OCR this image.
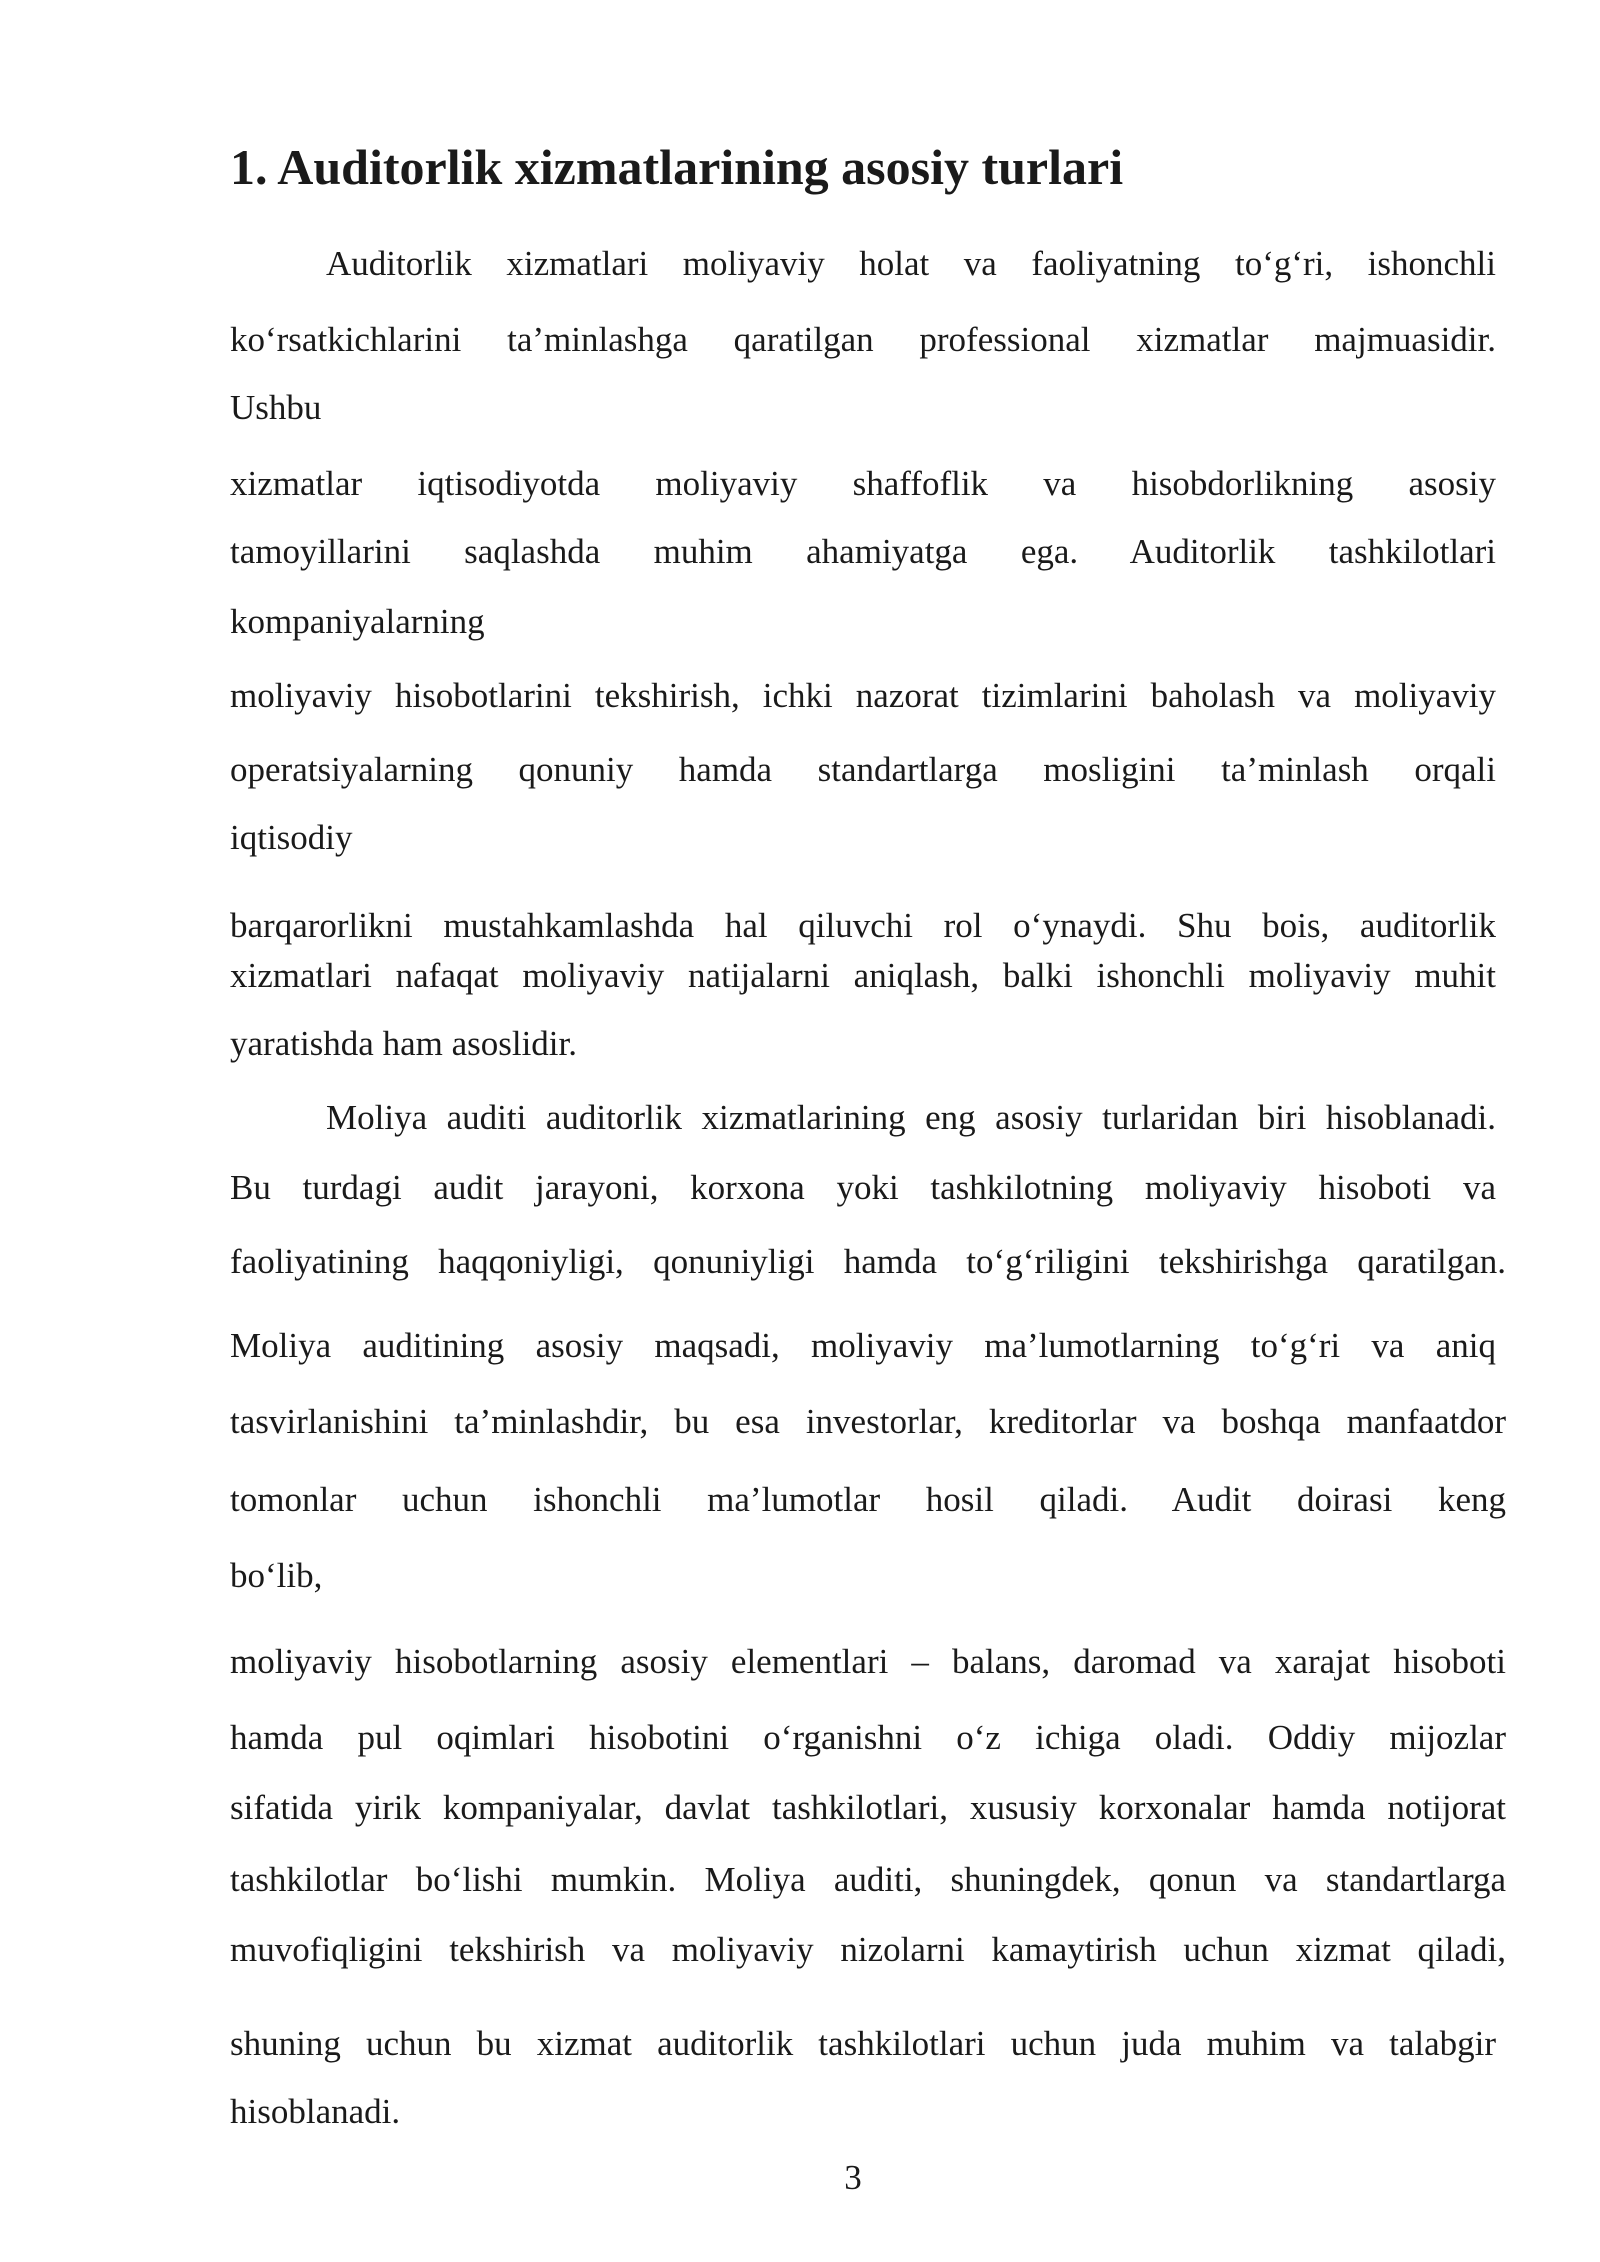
1. Auditorlik xizmatlarining asosiy turlari
Auditorlik xizmatlari moliyaviy holat va faoliyatning to‘g‘ri, ishonchli
ko‘rsatkichlarini ta’minlashga qaratilgan professional xizmatlar majmuasidir.
Ushbu
xizmatlar iqtisodiyotda moliyaviy shaffoflik va hisobdorlikning asosiy
tamoyillarini saqlashda muhim ahamiyatga ega. Auditorlik tashkilotlari
kompaniyalarning
moliyaviy hisobotlarini tekshirish, ichki nazorat tizimlarini baholash va moliyaviy
operatsiyalarning qonuniy hamda standartlarga mosligini ta’minlash orqali
iqtisodiy
barqarorlikni mustahkamlashda hal qiluvchi rol o‘ynaydi. Shu bois, auditorlik
xizmatlari nafaqat moliyaviy natijalarni aniqlash, balki ishonchli moliyaviy muhit
yaratishda ham asoslidir.
Moliya auditi auditorlik xizmatlarining eng asosiy turlaridan biri hisoblanadi.
Bu turdagi audit jarayoni, korxona yoki tashkilotning moliyaviy hisoboti va
faoliyatining haqqoniyligi, qonuniyligi hamda to‘g‘riligini tekshirishga qaratilgan.
Moliya auditining asosiy maqsadi, moliyaviy ma’lumotlarning to‘g‘ri va aniq
tasvirlanishini ta’minlashdir, bu esa investorlar, kreditorlar va boshqa manfaatdor
tomonlar uchun ishonchli ma’lumotlar hosil qiladi. Audit doirasi keng
bo‘lib,
moliyaviy hisobotlarning asosiy elementlari – balans, daromad va xarajat hisoboti
hamda pul oqimlari hisobotini o‘rganishni o‘z ichiga oladi. Oddiy mijozlar
sifatida yirik kompaniyalar, davlat tashkilotlari, xususiy korxonalar hamda notijorat
tashkilotlar bo‘lishi mumkin. Moliya auditi, shuningdek, qonun va standartlarga
muvofiqligini tekshirish va moliyaviy nizolarni kamaytirish uchun xizmat qiladi,
shuning uchun bu xizmat auditorlik tashkilotlari uchun juda muhim va talabgir
hisoblanadi.
3
